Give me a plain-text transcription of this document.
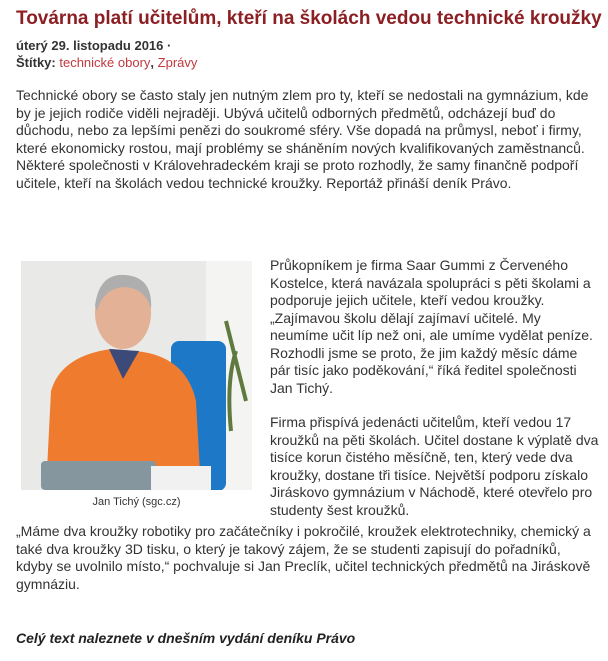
Továrna platí učitelům, kteří na školách vedou technické kroužky
úterý 29. listopadu 2016 ·
Štítky: technické obory, Zprávy

Technické obory se často staly jen nutným zlem pro ty, kteří se nedostali na gymnázium, kde by je jejich rodiče viděli nejraději. Ubývá učitelů odborných předmětů, odcházejí buď do důchodu, nebo za lepšími penězi do soukromé sféry. Vše dopadá na průmysl, neboť i firmy, které ekonomicky rostou, mají problémy se sháněním nových kvalifikovaných zaměstnanců. Některé společnosti v Královehradeckém kraji se proto rozhodly, že samy finančně podpoří učitele, kteří na školách vedou technické kroužky. Reportáž přináší deník Právo.

Jan Tichý (sgc.cz)

Průkopníkem je firma Saar Gummi z Červeného Kostelce, která navázala spolupráci s pěti školami a podporuje jejich učitele, kteří vedou kroužky. „Zajímavou školu dělají zajímaví učitelé. My neumíme učit líp než oni, ale umíme vydělat peníze. Rozhodli jsme se proto, že jim každý měsíc dáme pár tisíc jako poděkování,“ říká ředitel společnosti Jan Tichý.

Firma přispívá jedenácti učitelům, kteří vedou 17 kroužků na pěti školách. Učitel dostane k výplatě dva tisíce korun čistého měsíčně, ten, který vede dva kroužky, dostane tři tisíce. Největší podporu získalo Jiráskovo gymnázium v Náchodě, které otevřelo pro studenty šest kroužků.

„Máme dva kroužky robotiky pro začátečníky i pokročilé, kroužek elektrotechniky, chemický a také dva kroužky 3D tisku, o který je takový zájem, že se studenti zapisují do pořadníků, kdyby se uvolnilo místo,“ pochvaluje si Jan Preclík, učitel technických předmětů na Jiráskově gymnáziu.

Celý text naleznete v dnešním vydání deníku Právo
